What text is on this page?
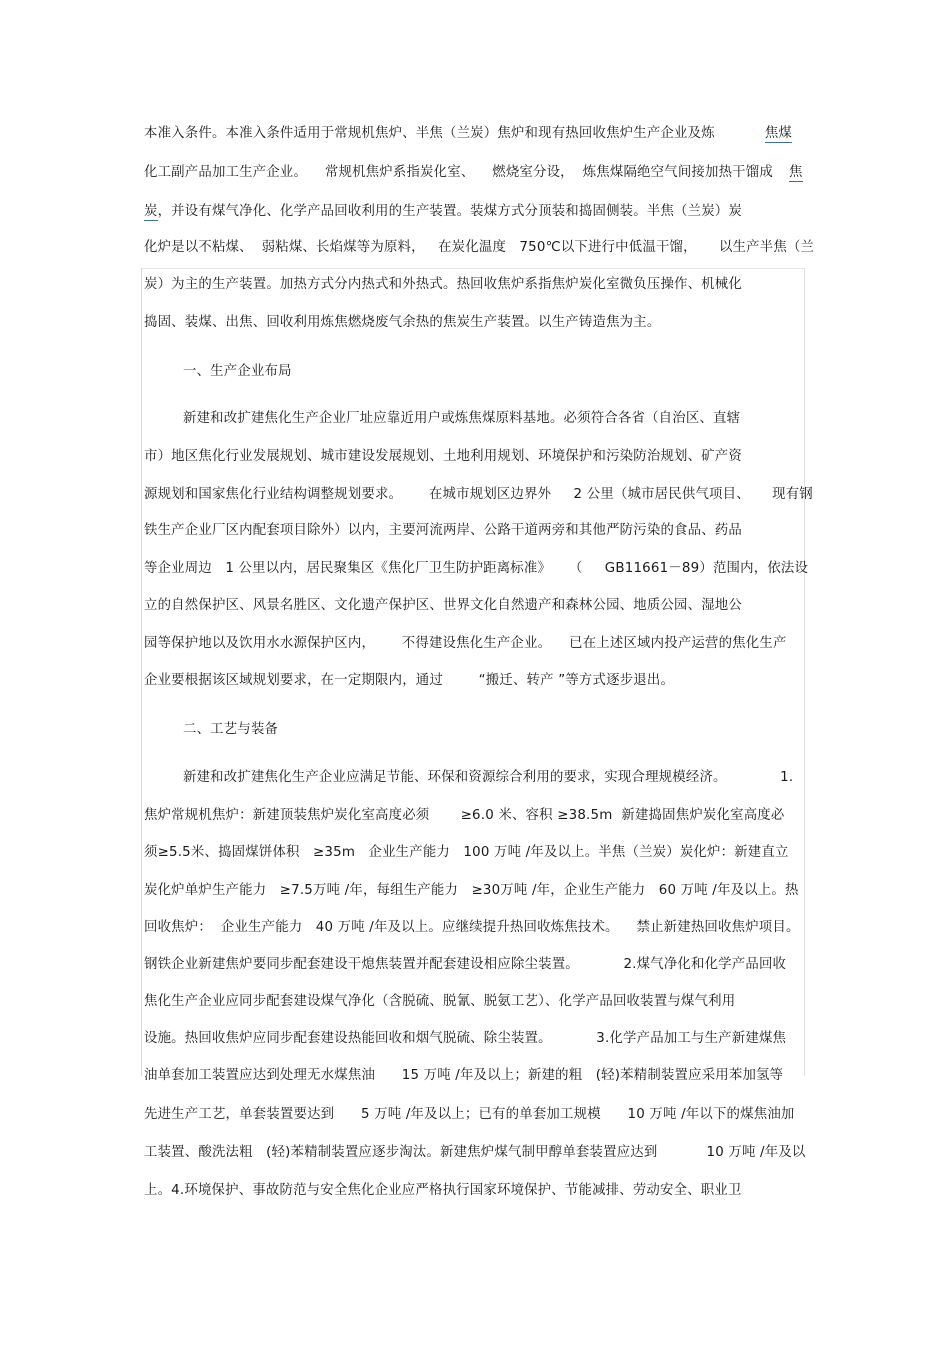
本准入条件。本准入条件适用于常规机焦炉、半焦（兰炭）焦炉和现有热回收焦炉生产企业及炼	焦煤
化工副产品加工生产企业。    常规机焦炉系指炭化室、    燃烧室分设，  炼焦煤隔绝空气间接加热干馏成 焦
炭，并设有煤气净化、化学产品回收利用的生产装置。装煤方式分顶装和捣固侧装。半焦（兰炭）炭
化炉是以不粘煤、  弱粘煤、长焰煤等为原料，   在炭化温度   750℃以下进行中低温干馏，     以生产半焦（兰
炭）为主的生产装置。加热方式分内热式和外热式。热回收焦炉系指焦炉炭化室微负压操作、机械化
捣固、装煤、出焦、回收利用炼焦燃烧废气余热的焦炭生产装置。以生产铸造焦为主。
一、生产企业布局
新建和改扩建焦化生产企业厂址应靠近用户或炼焦煤原料基地。必须符合各省（自治区、直辖
市）地区焦化行业发展规划、城市建设发展规划、土地利用规划、环境保护和污染防治规划、矿产资
源规划和国家焦化行业结构调整规划要求。      在城市规划区边界外     2 公里（城市居民供气项目、     现有钢
铁生产企业厂区内配套项目除外）以内，主要河流两岸、公路干道两旁和其他严防污染的食品、药品
等企业周边   1 公里以内，居民聚集区《焦化厂卫生防护距离标准》    （     GB11661－89）范围内，依法设
立的自然保护区、风景名胜区、文化遗产保护区、世界文化自然遗产和森林公园、地质公园、湿地公
园等保护地以及饮用水水源保护区内，      不得建设焦化生产企业。    已在上述区域内投产运营的焦化生产
企业要根据该区域规划要求，在一定期限内，通过        “搬迁、转产 ”等方式逐步退出。
二、工艺与装备
新建和改扩建焦化生产企业应满足节能、环保和资源综合利用的要求，实现合理规模经济。            1.
焦炉常规机焦炉：新建顶装焦炉炭化室高度必须       ≥6.0 米、容积 ≥38.5m  新建捣固焦炉炭化室高度必
须≥5.5米、捣固煤饼体积   ≥35m   企业生产能力   100 万吨 /年及以上。半焦（兰炭）炭化炉：新建直立
炭化炉单炉生产能力   ≥7.5万吨 /年，每组生产能力   ≥30万吨 /年，企业生产能力   60 万吨 /年及以上。热
回收焦炉：  企业生产能力   40 万吨 /年及以上。应继续提升热回收炼焦技术。    禁止新建热回收焦炉项目。
钢铁企业新建焦炉要同步配套建设干熄焦装置并配套建设相应除尘装置。          2.煤气净化和化学产品回收
焦化生产企业应同步配套建设煤气净化（含脱硫、脱氰、脱氨工艺）、化学产品回收装置与煤气利用
设施。热回收焦炉应同步配套建设热能回收和烟气脱硫、除尘装置。          3.化学产品加工与生产新建煤焦
油单套加工装置应达到处理无水煤焦油      15 万吨 /年及以上；新建的粗   (轻)苯精制装置应采用苯加氢等
先进生产工艺，单套装置要达到      5 万吨 /年及以上；已有的单套加工规模      10 万吨 /年以下的煤焦油加
工装置、酸洗法粗   (轻)苯精制装置应逐步淘汰。新建焦炉煤气制甲醇单套装置应达到           10 万吨 /年及以
上。4.环境保护、事故防范与安全焦化企业应严格执行国家环境保护、节能减排、劳动安全、职业卫
